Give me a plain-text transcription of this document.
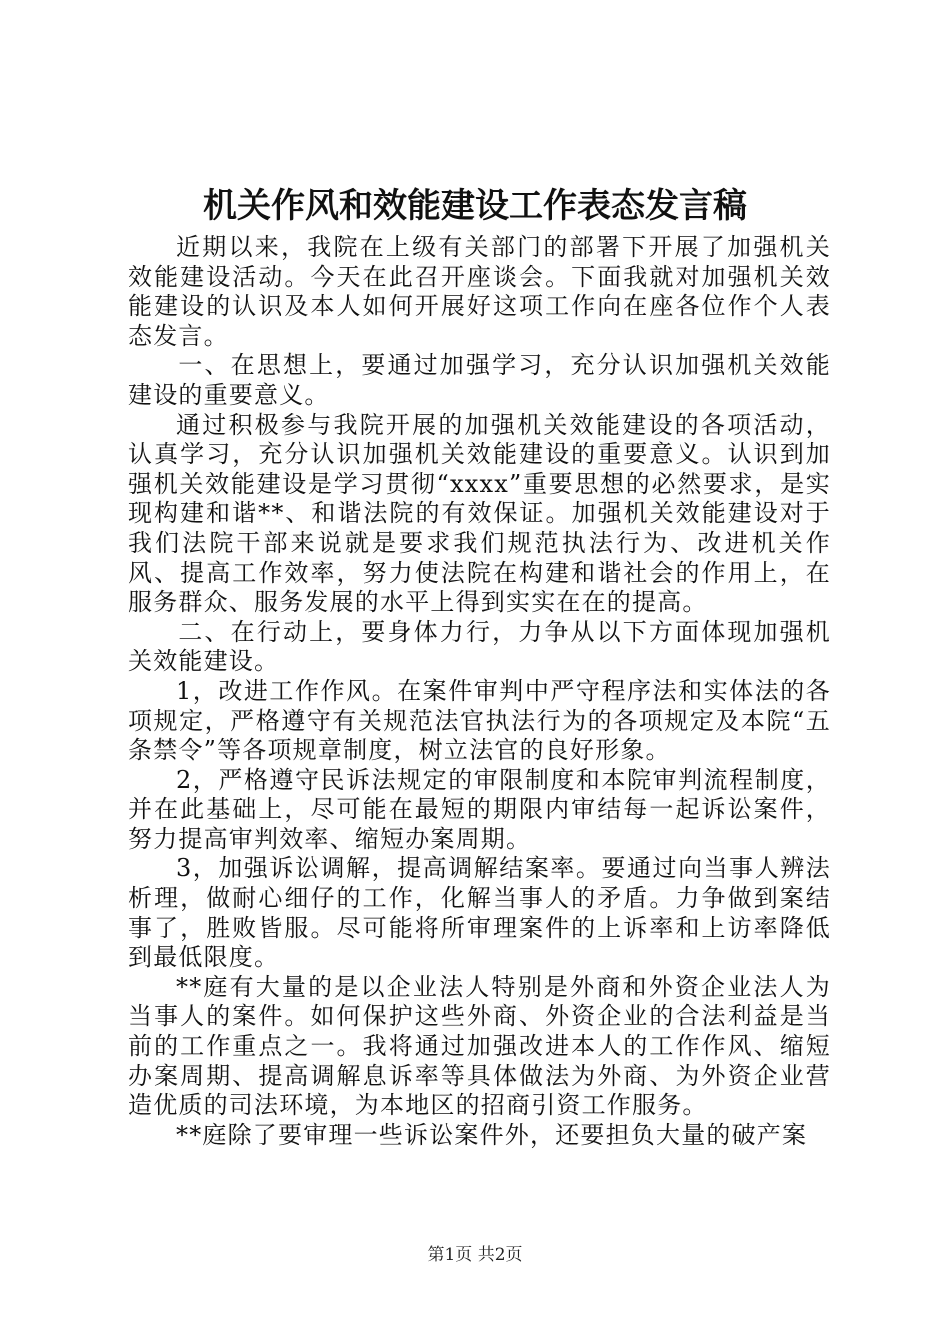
机关作风和效能建设工作表态发言稿

近期以来，我院在上级有关部门的部署下开展了加强机关效能建设活动。今天在此召开座谈会。下面我就对加强机关效能建设的认识及本人如何开展好这项工作向在座各位作个人表态发言。

一、在思想上，要通过加强学习，充分认识加强机关效能建设的重要意义。

通过积极参与我院开展的加强机关效能建设的各项活动，认真学习，充分认识加强机关效能建设的重要意义。认识到加强机关效能建设是学习贯彻“xxxx”重要思想的必然要求，是实现构建和谐**、和谐法院的有效保证。加强机关效能建设对于我们法院干部来说就是要求我们规范执法行为、改进机关作风、提高工作效率，努力使法院在构建和谐社会的作用上，在服务群众、服务发展的水平上得到实实在在的提高。

二、在行动上，要身体力行，力争从以下方面体现加强机关效能建设。

1，改进工作作风。在案件审判中严守程序法和实体法的各项规定，严格遵守有关规范法官执法行为的各项规定及本院“五条禁令”等各项规章制度，树立法官的良好形象。

2，严格遵守民诉法规定的审限制度和本院审判流程制度，并在此基础上，尽可能在最短的期限内审结每一起诉讼案件，努力提高审判效率、缩短办案周期。

3，加强诉讼调解，提高调解结案率。要通过向当事人辨法析理，做耐心细仔的工作，化解当事人的矛盾。力争做到案结事了，胜败皆服。尽可能将所审理案件的上诉率和上访率降低到最低限度。

**庭有大量的是以企业法人特别是外商和外资企业法人为当事人的案件。如何保护这些外商、外资企业的合法利益是当前的工作重点之一。我将通过加强改进本人的工作作风、缩短办案周期、提高调解息诉率等具体做法为外商、为外资企业营造优质的司法环境，为本地区的招商引资工作服务。

**庭除了要审理一些诉讼案件外，还要担负大量的破产案

第1页 共2页
